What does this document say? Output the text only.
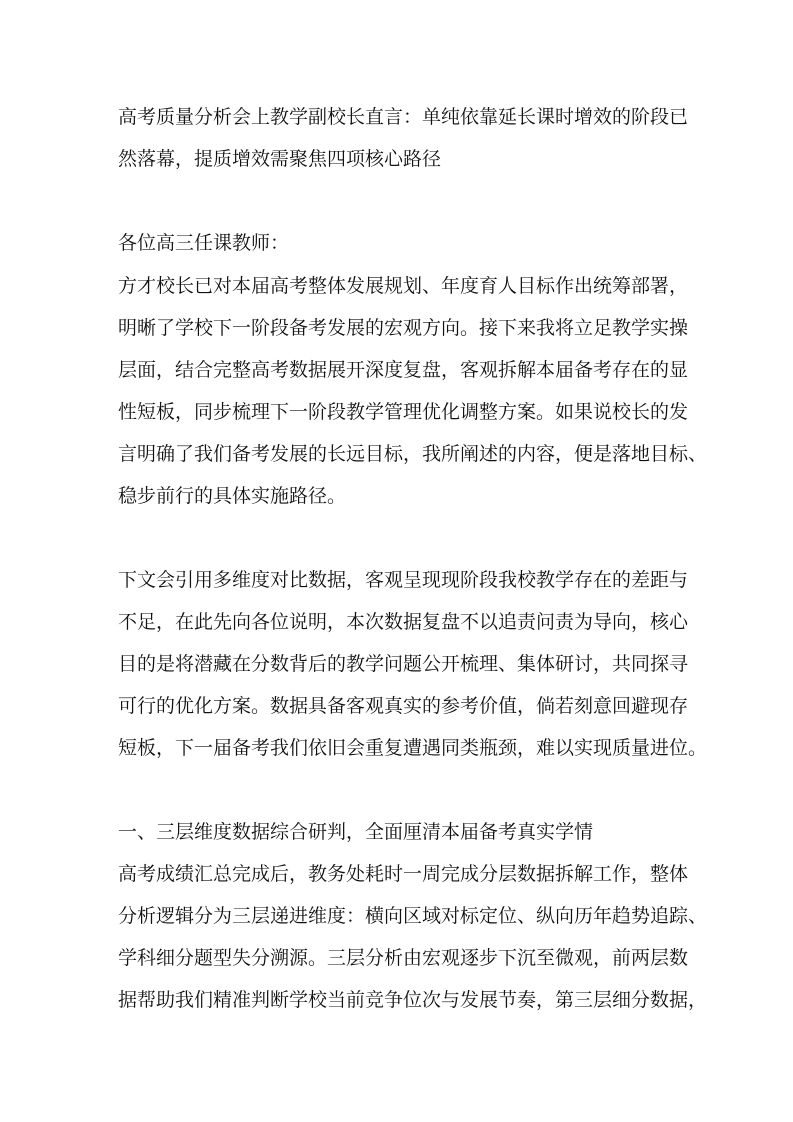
高考质量分析会上教学副校长直言：单纯依靠延长课时增效的阶段已

然落幕，提质增效需聚焦四项核心路径

各位高三任课教师：

方才校长已对本届高考整体发展规划、年度育人目标作出统筹部署，

明晰了学校下一阶段备考发展的宏观方向。接下来我将立足教学实操

层面，结合完整高考数据展开深度复盘，客观拆解本届备考存在的显

性短板，同步梳理下一阶段教学管理优化调整方案。如果说校长的发

言明确了我们备考发展的长远目标，我所阐述的内容，便是落地目标、

稳步前行的具体实施路径。

下文会引用多维度对比数据，客观呈现现阶段我校教学存在的差距与

不足，在此先向各位说明，本次数据复盘不以追责问责为导向，核心

目的是将潜藏在分数背后的教学问题公开梳理、集体研讨，共同探寻

可行的优化方案。数据具备客观真实的参考价值，倘若刻意回避现存

短板，下一届备考我们依旧会重复遭遇同类瓶颈，难以实现质量进位。

一、三层维度数据综合研判，全面厘清本届备考真实学情

高考成绩汇总完成后，教务处耗时一周完成分层数据拆解工作，整体

分析逻辑分为三层递进维度：横向区域对标定位、纵向历年趋势追踪、

学科细分题型失分溯源。三层分析由宏观逐步下沉至微观，前两层数

据帮助我们精准判断学校当前竞争位次与发展节奏，第三层细分数据，
